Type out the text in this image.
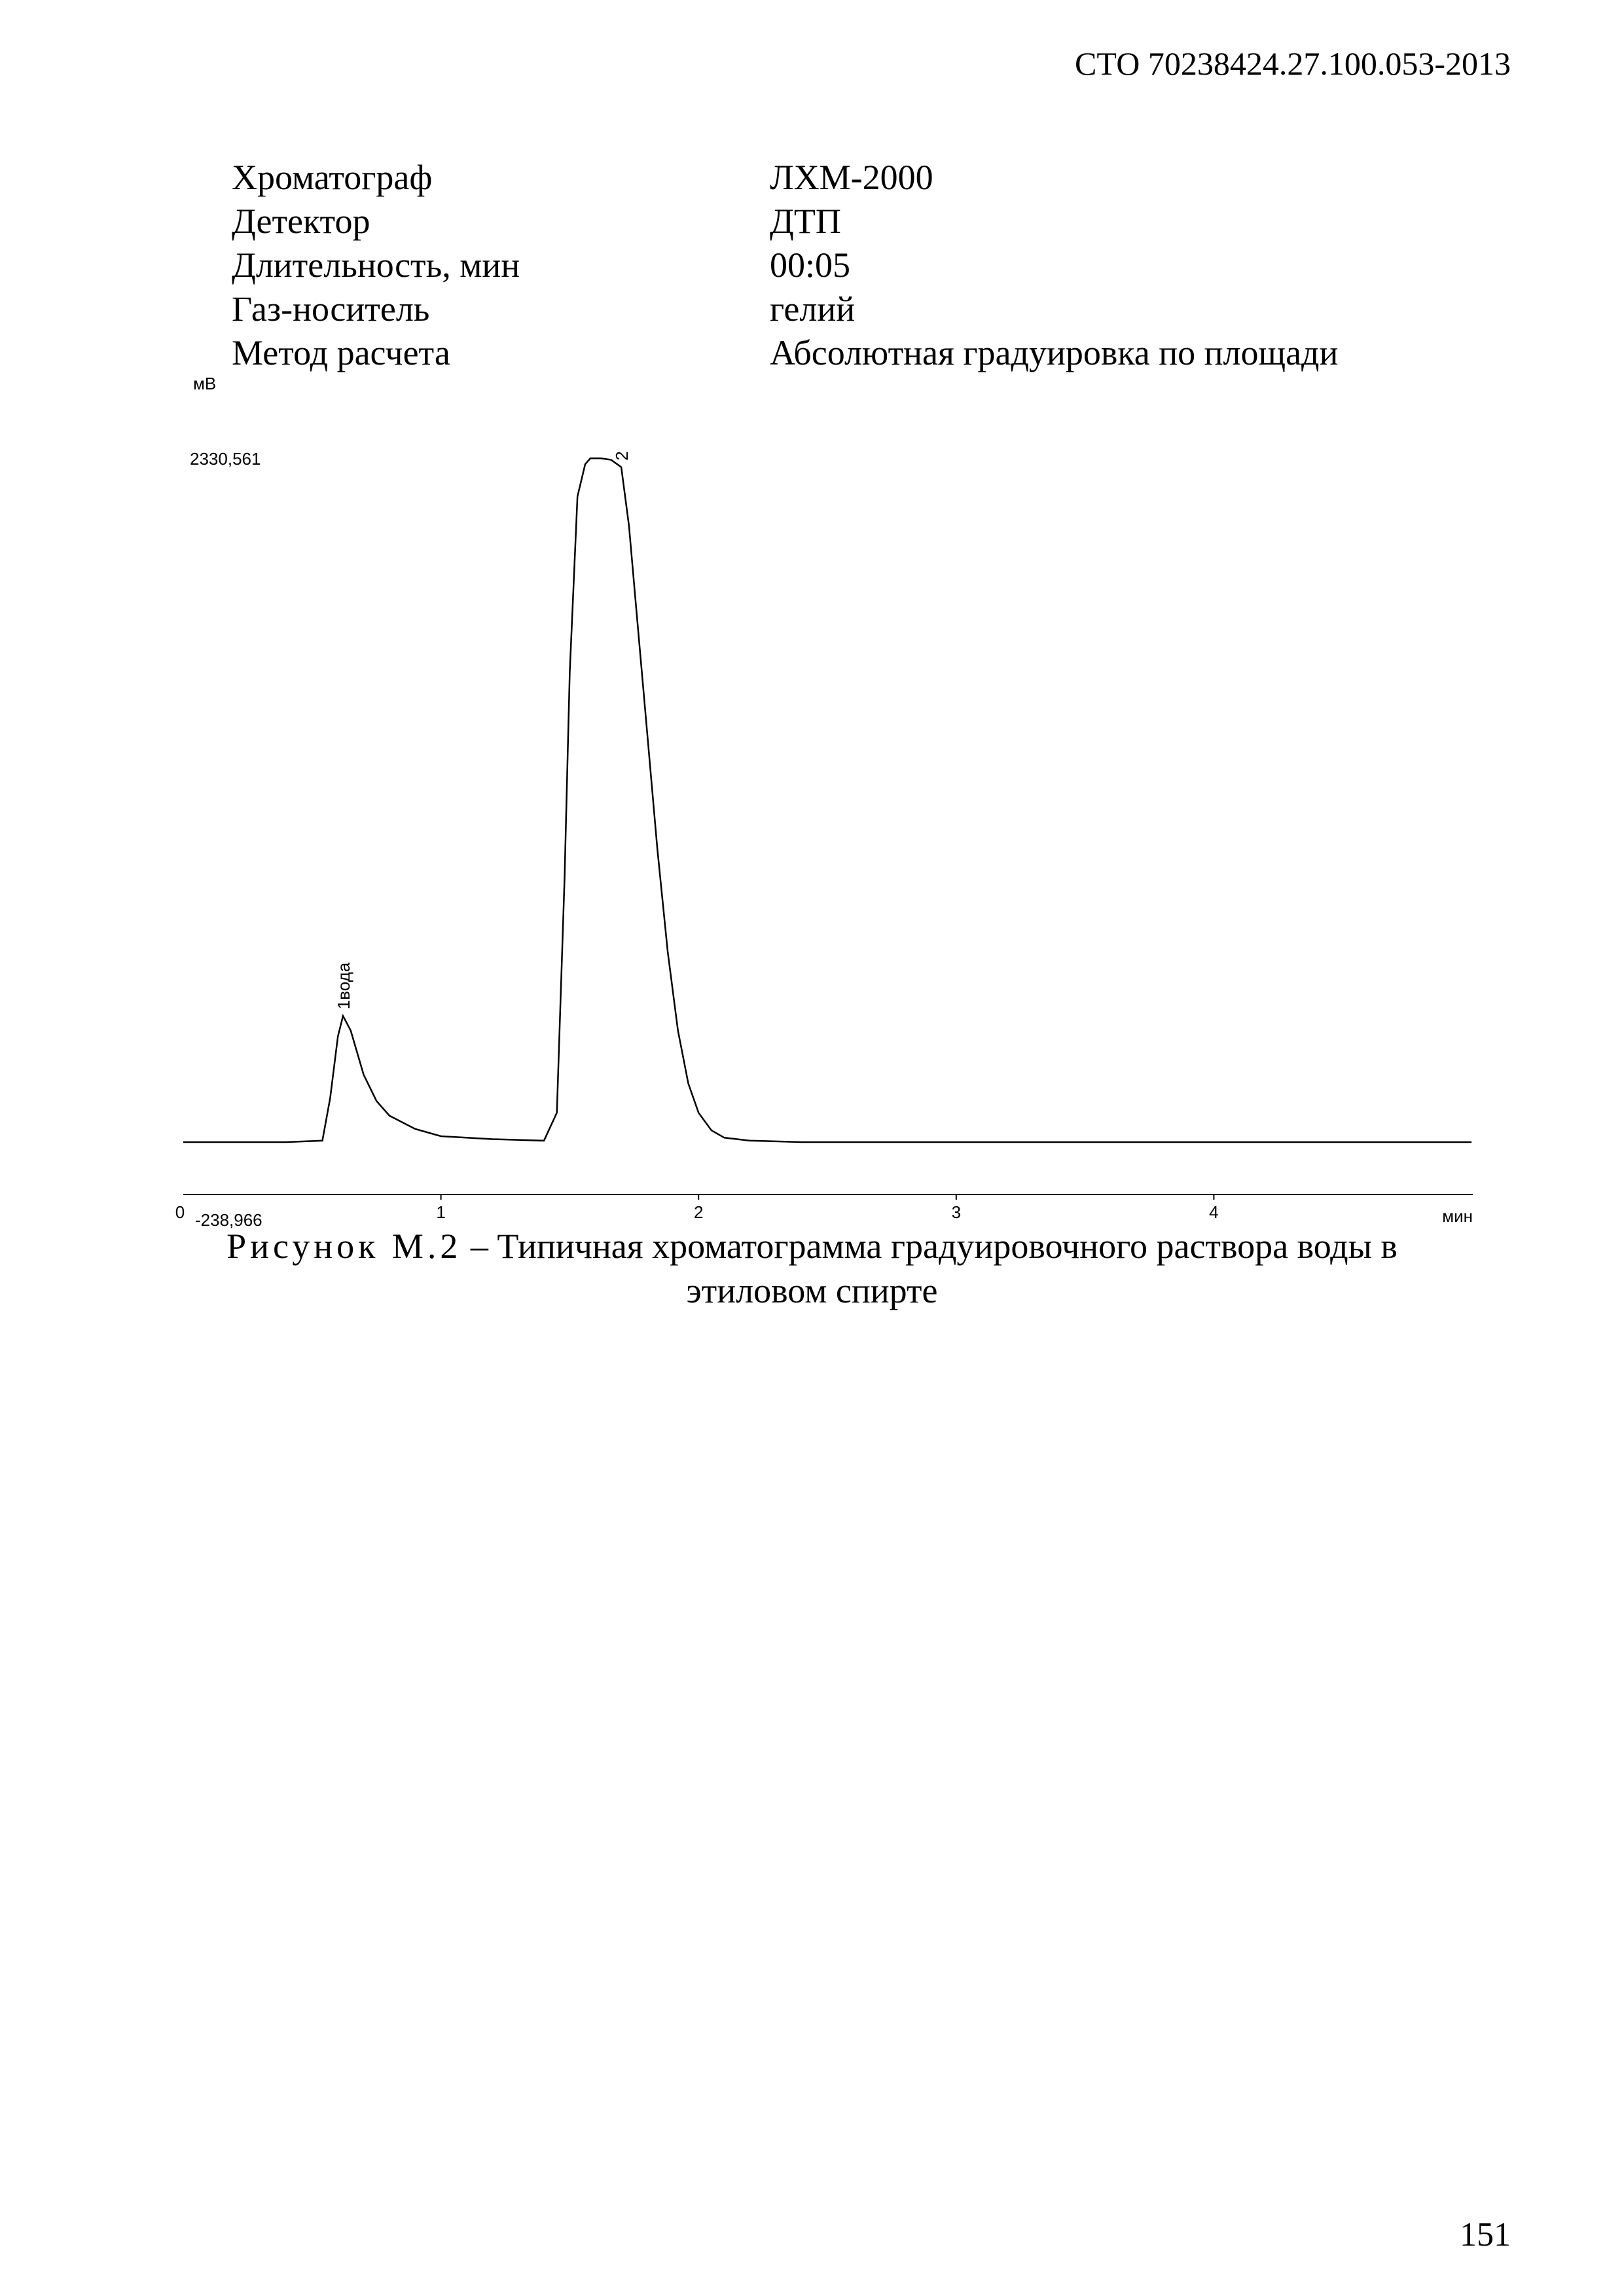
СТО 70238424.27.100.053-2013
Хроматограф	ЛХМ-2000
Детектор	ДТП
Длительность, мин	00:05
Газ-носитель	гелий
Метод расчета	Абсолютная градуировка по площади
мВ
2330,561
0 -238,966	мин
1	2	3	4
1вода
2
Рисунок М.2 – Типичная хроматограмма градуировочного раствора воды в
этиловом спирте
151
